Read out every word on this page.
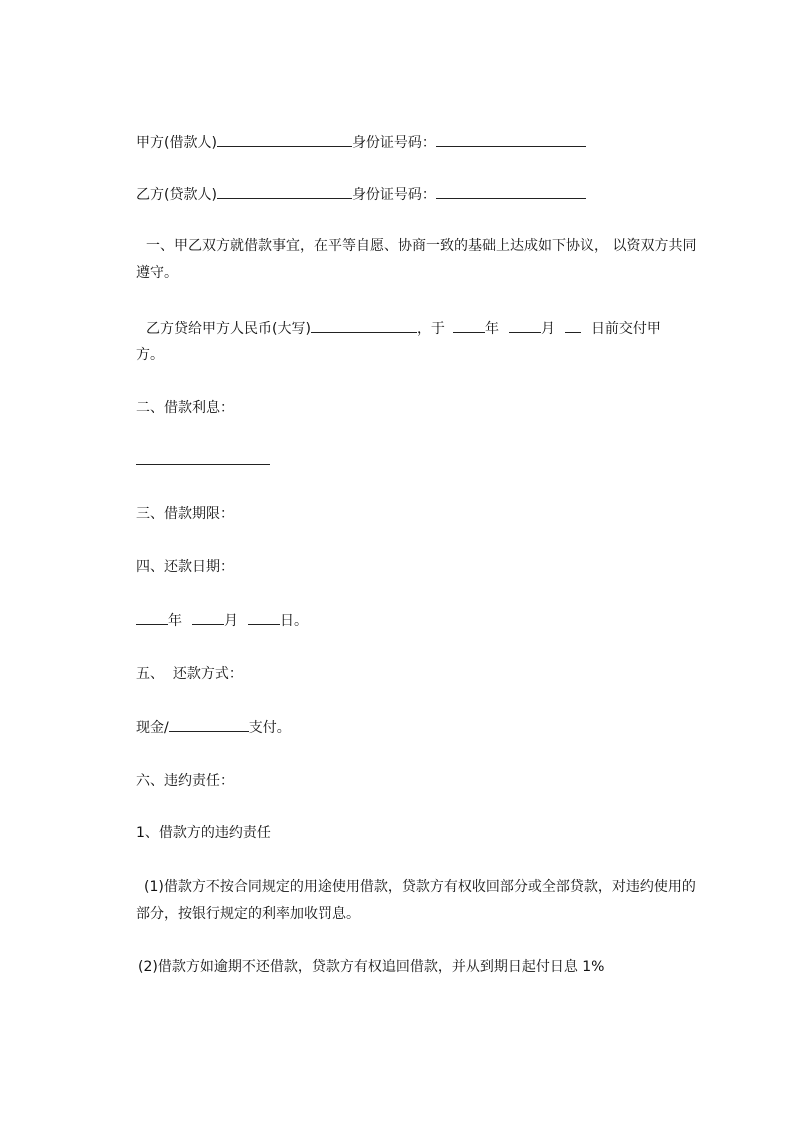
甲方(借款人)	身份证号码：
乙方(贷款人)	身份证号码：
一、甲乙双方就借款事宜，在平等自愿、协商一致的基础上达成如下协议， 以资双方共同遵守。
乙方贷给甲方人民币(大写)	，于	年	月	日前交付甲
方。
二、借款利息：
三、借款期限：
四、还款日期：
年	月	日。
五、  还款方式：
现金/	支付。
六、违约责任：
1、借款方的违约责任
(1)借款方不按合同规定的用途使用借款，贷款方有权收回部分或全部贷款，对违约使用的部分，按银行规定的利率加收罚息。
(2)借款方如逾期不还借款，贷款方有权追回借款，并从到期日起付日息 1%
